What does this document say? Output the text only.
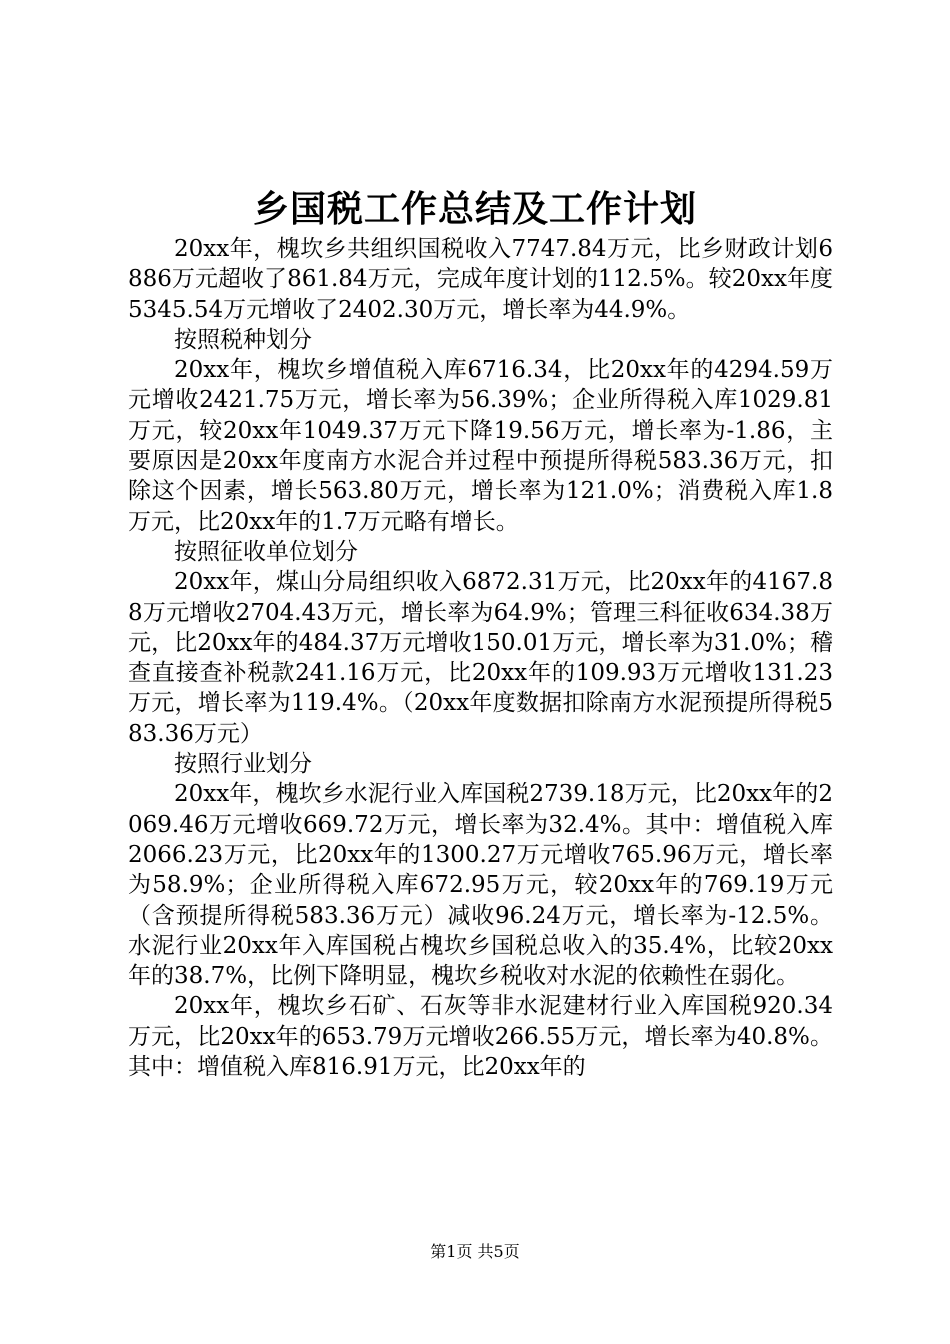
乡国税工作总结及工作计划

20xx年，槐坎乡共组织国税收入7747.84万元，比乡财政计划6886万元超收了861.84万元，完成年度计划的112.5%。较20xx年度5345.54万元增收了2402.30万元，增长率为44.9%。

按照税种划分

20xx年，槐坎乡增值税入库6716.34，比20xx年的4294.59万元增收2421.75万元，增长率为56.39%；企业所得税入库1029.81万元，较20xx年1049.37万元下降19.56万元，增长率为-1.86，主要原因是20xx年度南方水泥合并过程中预提所得税583.36万元，扣除这个因素，增长563.80万元，增长率为121.0%；消费税入库1.8万元，比20xx年的1.7万元略有增长。

按照征收单位划分

20xx年，煤山分局组织收入6872.31万元，比20xx年的4167.88万元增收2704.43万元，增长率为64.9%；管理三科征收634.38万元，比20xx年的484.37万元增收150.01万元，增长率为31.0%；稽查直接查补税款241.16万元，比20xx年的109.93万元增收131.23万元，增长率为119.4%。（20xx年度数据扣除南方水泥预提所得税583.36万元）

按照行业划分

20xx年，槐坎乡水泥行业入库国税2739.18万元，比20xx年的2069.46万元增收669.72万元，增长率为32.4%。其中：增值税入库2066.23万元，比20xx年的1300.27万元增收765.96万元，增长率为58.9%；企业所得税入库672.95万元，较20xx年的769.19万元（含预提所得税583.36万元）减收96.24万元，增长率为-12.5%。水泥行业20xx年入库国税占槐坎乡国税总收入的35.4%，比较20xx年的38.7%，比例下降明显，槐坎乡税收对水泥的依赖性在弱化。

20xx年，槐坎乡石矿、石灰等非水泥建材行业入库国税920.34万元，比20xx年的653.79万元增收266.55万元，增长率为40.8%。其中：增值税入库816.91万元，比20xx年的

第1页 共5页
